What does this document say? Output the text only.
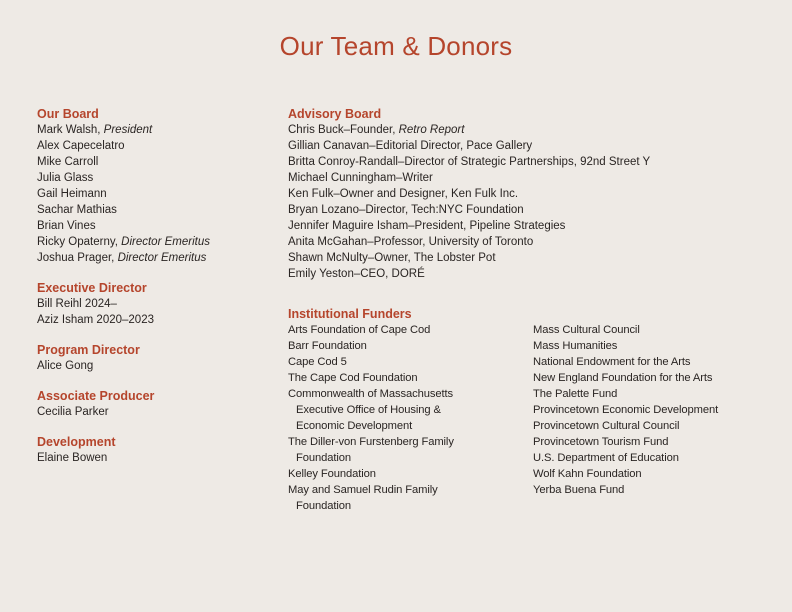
Our Team & Donors
Our Board
Mark Walsh, President
Alex Capecelatro
Mike Carroll
Julia Glass
Gail Heimann
Sachar Mathias
Brian Vines
Ricky Opaterny, Director Emeritus
Joshua Prager, Director Emeritus
Executive Director
Bill Reihl 2024–
Aziz Isham 2020–2023
Program Director
Alice Gong
Associate Producer
Cecilia Parker
Development
Elaine Bowen
Advisory Board
Chris Buck–Founder, Retro Report
Gillian Canavan–Editorial Director, Pace Gallery
Britta Conroy-Randall–Director of Strategic Partnerships, 92nd Street Y
Michael Cunningham–Writer
Ken Fulk–Owner and Designer, Ken Fulk Inc.
Bryan Lozano–Director, Tech:NYC Foundation
Jennifer Maguire Isham–President, Pipeline Strategies
Anita McGahan–Professor, University of Toronto
Shawn McNulty–Owner, The Lobster Pot
Emily Yeston–CEO, DORÉ
Institutional Funders
Arts Foundation of Cape Cod
Barr Foundation
Cape Cod 5
The Cape Cod Foundation
Commonwealth of Massachusetts
Executive Office of Housing &
Economic Development
The Diller-von Furstenberg Family
Foundation
Kelley Foundation
May and Samuel Rudin Family
Foundation

Mass Cultural Council
Mass Humanities
National Endowment for the Arts
New England Foundation for the Arts
The Palette Fund
Provincetown Economic Development
Provincetown Cultural Council
Provincetown Tourism Fund
U.S. Department of Education
Wolf Kahn Foundation
Yerba Buena Fund
